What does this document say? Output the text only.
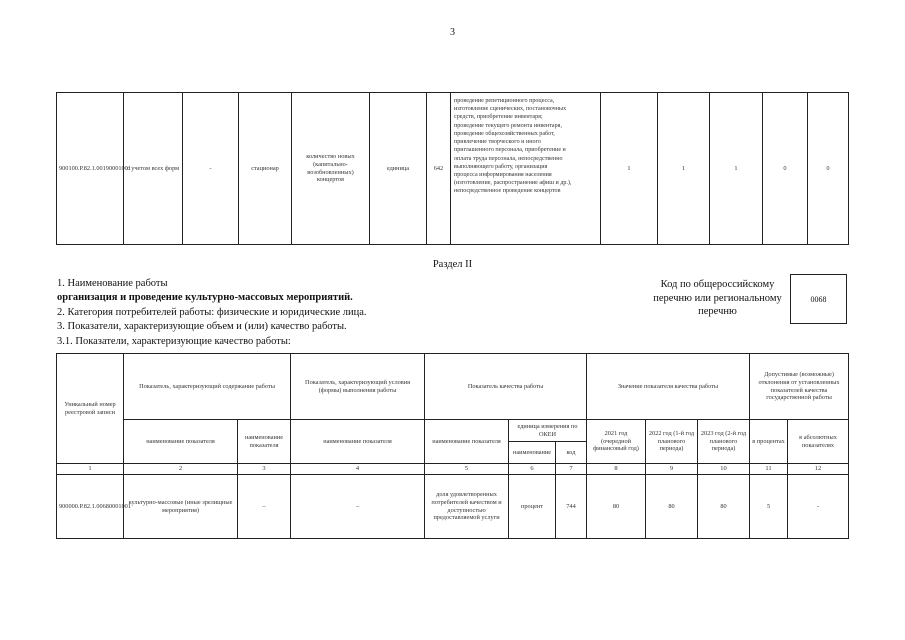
3
900100.Р.82.1.00190001001	с учетом всех форм	-	стационар	количество новых (капитально-возобновленных) концертов	единица	642	
проведение репетиционного процесса,
изготовление сценических, постановочных
средств, приобретение инвентаря;
проведение текущего ремонта инвентаря,
проведение общехозяйственных работ,
привлечение творческого и иного
приглашенного персонала, приобретение и
оплата труда персонала, непосредственно
выполняющего работу, организация
процесса информирования населения
(изготовление, распространение афиш и др.),
непосредственное проведение концертов
	1	1	1	0	0
Раздел II
1. Наименование работы
организация и проведение культурно-массовых мероприятий.
2. Категория потребителей работы: физические и юридические лица.
3. Показатели, характеризующие объем и (или) качество работы.
3.1. Показатели, характеризующие качество работы:
Код по общероссийскому
перечню или региональному
перечню
0068
Уникальный номер реестровой записи	Показатель, характеризующий содержание работы		Показатель, характеризующий условия (формы) выполнения работы	Показатель качества работы			Значение показателя качества работы			Допустимые (возможные) отклонения от установленных показателей качества государственной работы	
	наименование показателя	наименование показателя	наименование показателя	наименование показателя	единица измерения по ОКЕИ		2021 год (очередной финансовый год)	2022 год (1-й год планового периода)	2023 год (2-й год планового периода)	в процентах	в абсолютных показателях
					наименование	код					
1	2	3	4	5	6	7	8	9	10	11	12
900000.Р.82.1.00680001001	культурно-массовые (иные зрелищные мероприятия)	–	–	доля удовлетворенных потребителей качеством и доступностью предоставляемой услуги	процент	744	80	80	80	5	-
